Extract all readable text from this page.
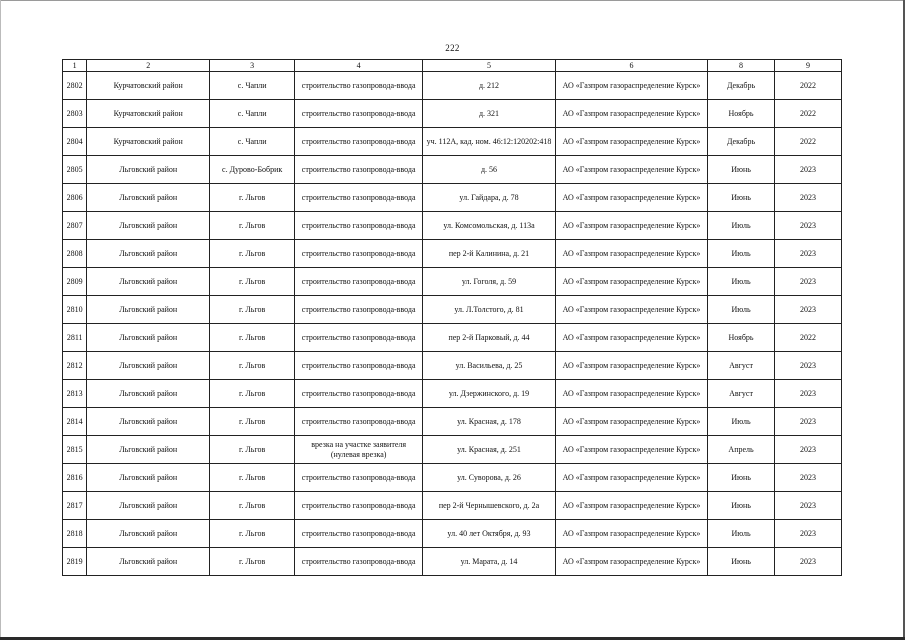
222
1	2	3	4	5	6	8	9
2802	Курчатовский район	с. Чапли	строительство газопровода-ввода	д. 212	АО «Газпром газораспределение Курск»	Декабрь	2022
2803	Курчатовский район	с. Чапли	строительство газопровода-ввода	д. 321	АО «Газпром газораспределение Курск»	Ноябрь	2022
2804	Курчатовский район	с. Чапли	строительство газопровода-ввода	уч. 112А, кад. ном. 46:12:120202:418	АО «Газпром газораспределение Курск»	Декабрь	2022
2805	Льговский район	с. Дурово-Бобрик	строительство газопровода-ввода	д. 56	АО «Газпром газораспределение Курск»	Июнь	2023
2806	Льговский район	г. Льгов	строительство газопровода-ввода	ул. Гайдара, д. 78	АО «Газпром газораспределение Курск»	Июнь	2023
2807	Льговский район	г. Льгов	строительство газопровода-ввода	ул. Комсомольская, д. 113а	АО «Газпром газораспределение Курск»	Июль	2023
2808	Льговский район	г. Льгов	строительство газопровода-ввода	пер 2-й Калинина, д. 21	АО «Газпром газораспределение Курск»	Июль	2023
2809	Льговский район	г. Льгов	строительство газопровода-ввода	ул. Гоголя, д. 59	АО «Газпром газораспределение Курск»	Июль	2023
2810	Льговский район	г. Льгов	строительство газопровода-ввода	ул. Л.Толстого, д. 81	АО «Газпром газораспределение Курск»	Июль	2023
2811	Льговский район	г. Льгов	строительство газопровода-ввода	пер 2-й Парковый, д. 44	АО «Газпром газораспределение Курск»	Ноябрь	2022
2812	Льговский район	г. Льгов	строительство газопровода-ввода	ул. Васильева, д. 25	АО «Газпром газораспределение Курск»	Август	2023
2813	Льговский район	г. Льгов	строительство газопровода-ввода	ул. Дзержинского, д. 19	АО «Газпром газораспределение Курск»	Август	2023
2814	Льговский район	г. Льгов	строительство газопровода-ввода	ул. Красная, д. 178	АО «Газпром газораспределение Курск»	Июль	2023
2815	Льговский район	г. Льгов	врезка на участке заявителя (нулевая врезка)	ул. Красная, д. 251	АО «Газпром газораспределение Курск»	Апрель	2023
2816	Льговский район	г. Льгов	строительство газопровода-ввода	ул. Суворова, д. 26	АО «Газпром газораспределение Курск»	Июнь	2023
2817	Льговский район	г. Льгов	строительство газопровода-ввода	пер 2-й Чернышевского, д. 2а	АО «Газпром газораспределение Курск»	Июнь	2023
2818	Льговский район	г. Льгов	строительство газопровода-ввода	ул. 40 лет Октября, д. 93	АО «Газпром газораспределение Курск»	Июль	2023
2819	Льговский район	г. Льгов	строительство газопровода-ввода	ул. Марата, д. 14	АО «Газпром газораспределение Курск»	Июнь	2023
